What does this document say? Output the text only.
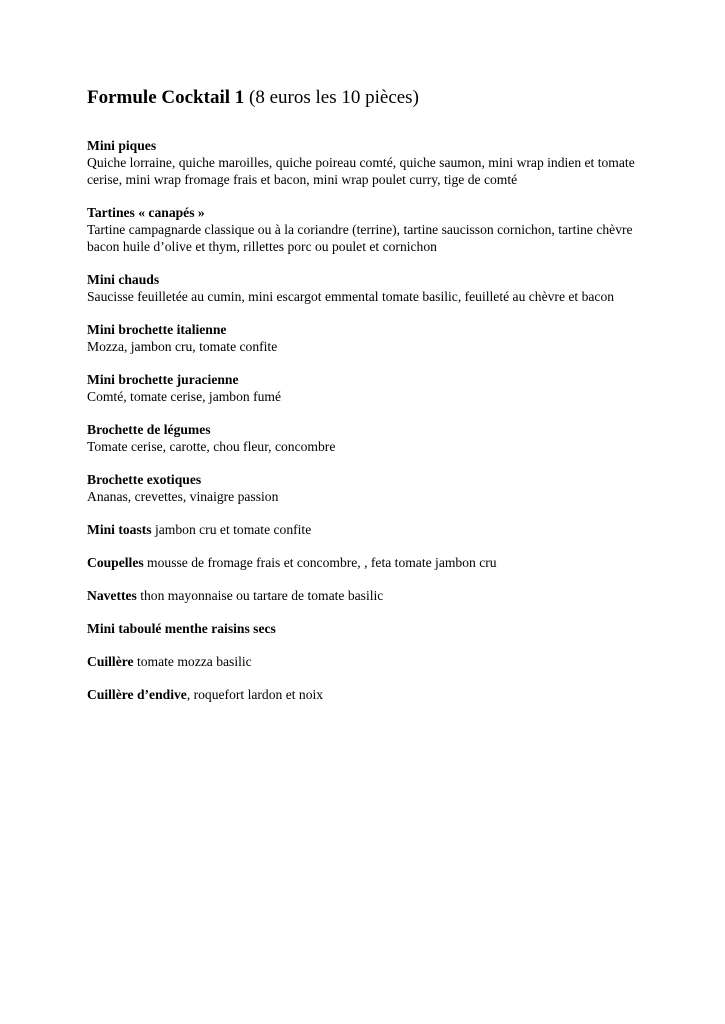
Formule Cocktail 1 (8 euros les 10 pièces)
Mini piques
Quiche lorraine, quiche maroilles, quiche poireau comté, quiche saumon, mini wrap indien et tomate cerise, mini wrap fromage frais et bacon, mini wrap poulet curry, tige de comté
Tartines « canapés »
Tartine campagnarde classique ou à la coriandre (terrine), tartine saucisson cornichon, tartine chèvre bacon huile d’olive et thym, rillettes porc ou poulet et cornichon
Mini chauds
Saucisse feuilletée au cumin, mini escargot emmental tomate basilic, feuilleté au chèvre et bacon
Mini brochette italienne
Mozza, jambon cru, tomate confite
Mini brochette juracienne
Comté, tomate cerise, jambon fumé
Brochette de légumes
Tomate cerise, carotte, chou fleur, concombre
Brochette exotiques
Ananas, crevettes, vinaigre passion
Mini toasts jambon cru et tomate confite
Coupelles mousse de fromage frais et concombre, , feta tomate jambon cru
Navettes thon mayonnaise ou tartare de tomate basilic
Mini taboulé menthe raisins secs
Cuillère tomate mozza basilic
Cuillère d’endive, roquefort lardon et noix
